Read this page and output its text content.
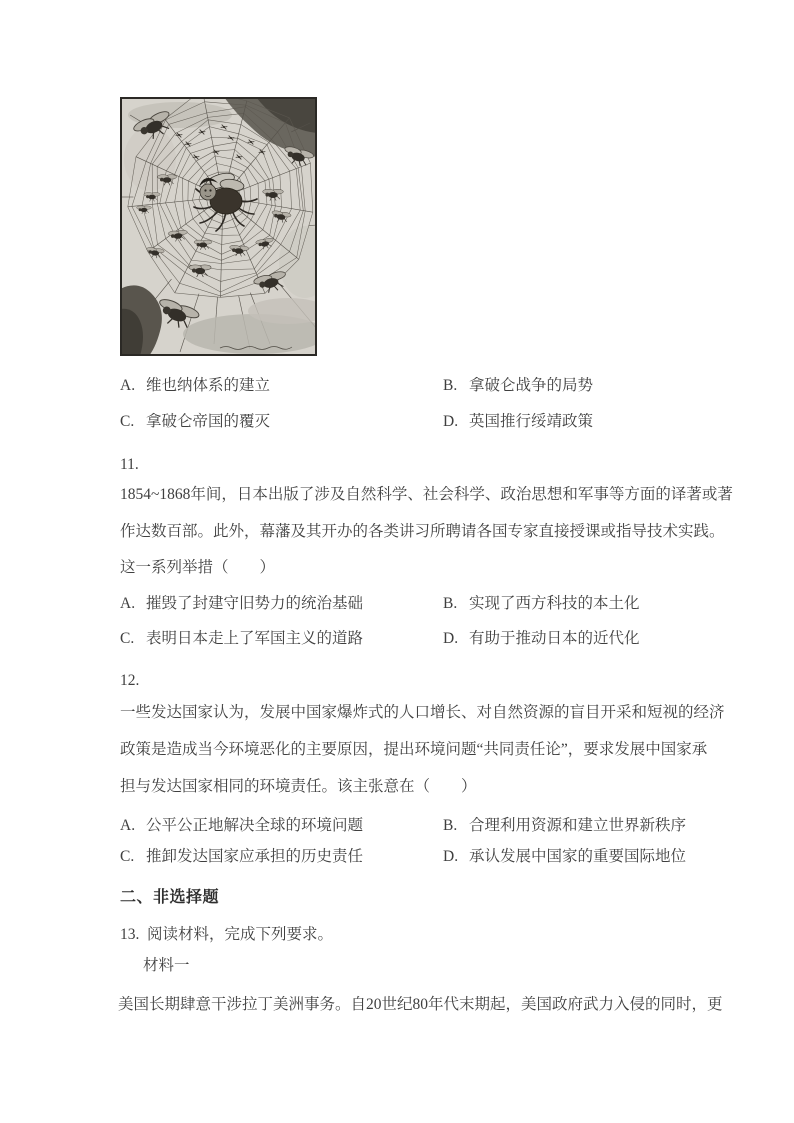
A. 维也纳体系的建立	B. 拿破仑战争的局势
C. 拿破仑帝国的覆灭	D. 英国推行绥靖政策
11.
1854~1868年间，日本出版了涉及自然科学、社会科学、政治思想和军事等方面的译著或著
作达数百部。此外，幕藩及其开办的各类讲习所聘请各国专家直接授课或指导技术实践。
这一系列举措（　　）
A. 摧毁了封建守旧势力的统治基础	B. 实现了西方科技的本土化
C. 表明日本走上了军国主义的道路	D. 有助于推动日本的近代化
12.
一些发达国家认为，发展中国家爆炸式的人口增长、对自然资源的盲目开采和短视的经济
政策是造成当今环境恶化的主要原因，提出环境问题“共同责任论”，要求发展中国家承
担与发达国家相同的环境责任。该主张意在（　　）
A. 公平公正地解决全球的环境问题	B. 合理利用资源和建立世界新秩序
C. 推卸发达国家应承担的历史责任	D. 承认发展中国家的重要国际地位
二、非选择题
13. 阅读材料，完成下列要求。
材料一
美国长期肆意干涉拉丁美洲事务。自20世纪80年代末期起，美国政府武力入侵的同时，更
